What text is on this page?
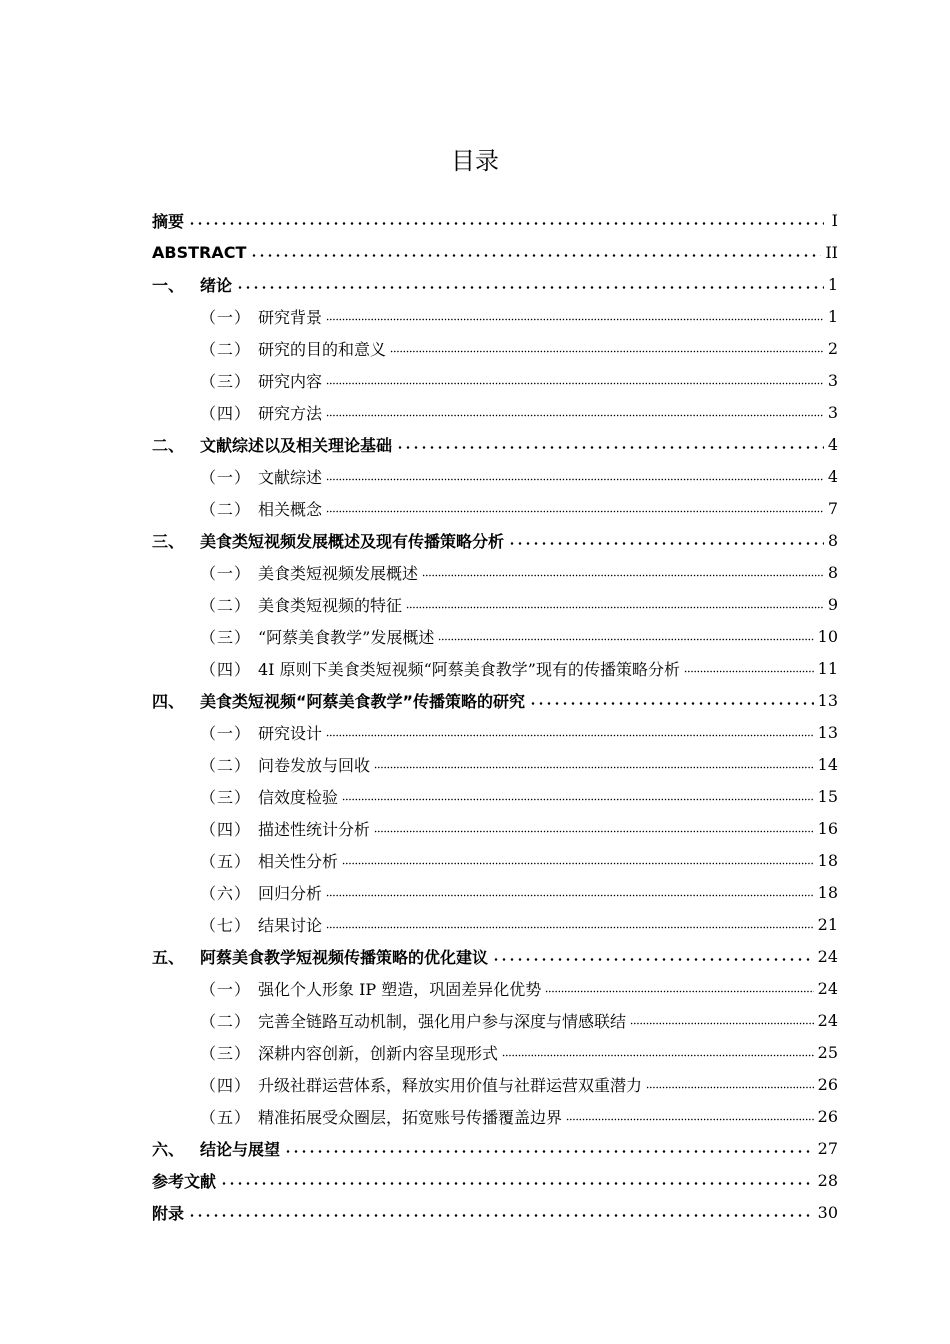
目录
摘要	I
ABSTRACT	II
一、 绪论	1
（一） 研究背景	1
（二） 研究的目的和意义	2
（三） 研究内容	3
（四） 研究方法	3
二、 文献综述以及相关理论基础	4
（一） 文献综述	4
（二） 相关概念	7
三、 美食类短视频发展概述及现有传播策略分析	8
（一） 美食类短视频发展概述	8
（二） 美食类短视频的特征	9
（三） “阿蔡美食教学”发展概述	10
（四） 4I 原则下美食类短视频“阿蔡美食教学”现有的传播策略分析	11
四、 美食类短视频“阿蔡美食教学”传播策略的研究	13
（一） 研究设计	13
（二） 问卷发放与回收	14
（三） 信效度检验	15
（四） 描述性统计分析	16
（五） 相关性分析	18
（六） 回归分析	18
（七） 结果讨论	21
五、 阿蔡美食教学短视频传播策略的优化建议	24
（一） 强化个人形象 IP 塑造，巩固差异化优势	24
（二） 完善全链路互动机制，强化用户参与深度与情感联结	24
（三） 深耕内容创新，创新内容呈现形式	25
（四） 升级社群运营体系，释放实用价值与社群运营双重潜力	26
（五） 精准拓展受众圈层，拓宽账号传播覆盖边界	26
六、 结论与展望	27
参考文献	28
附录	30
